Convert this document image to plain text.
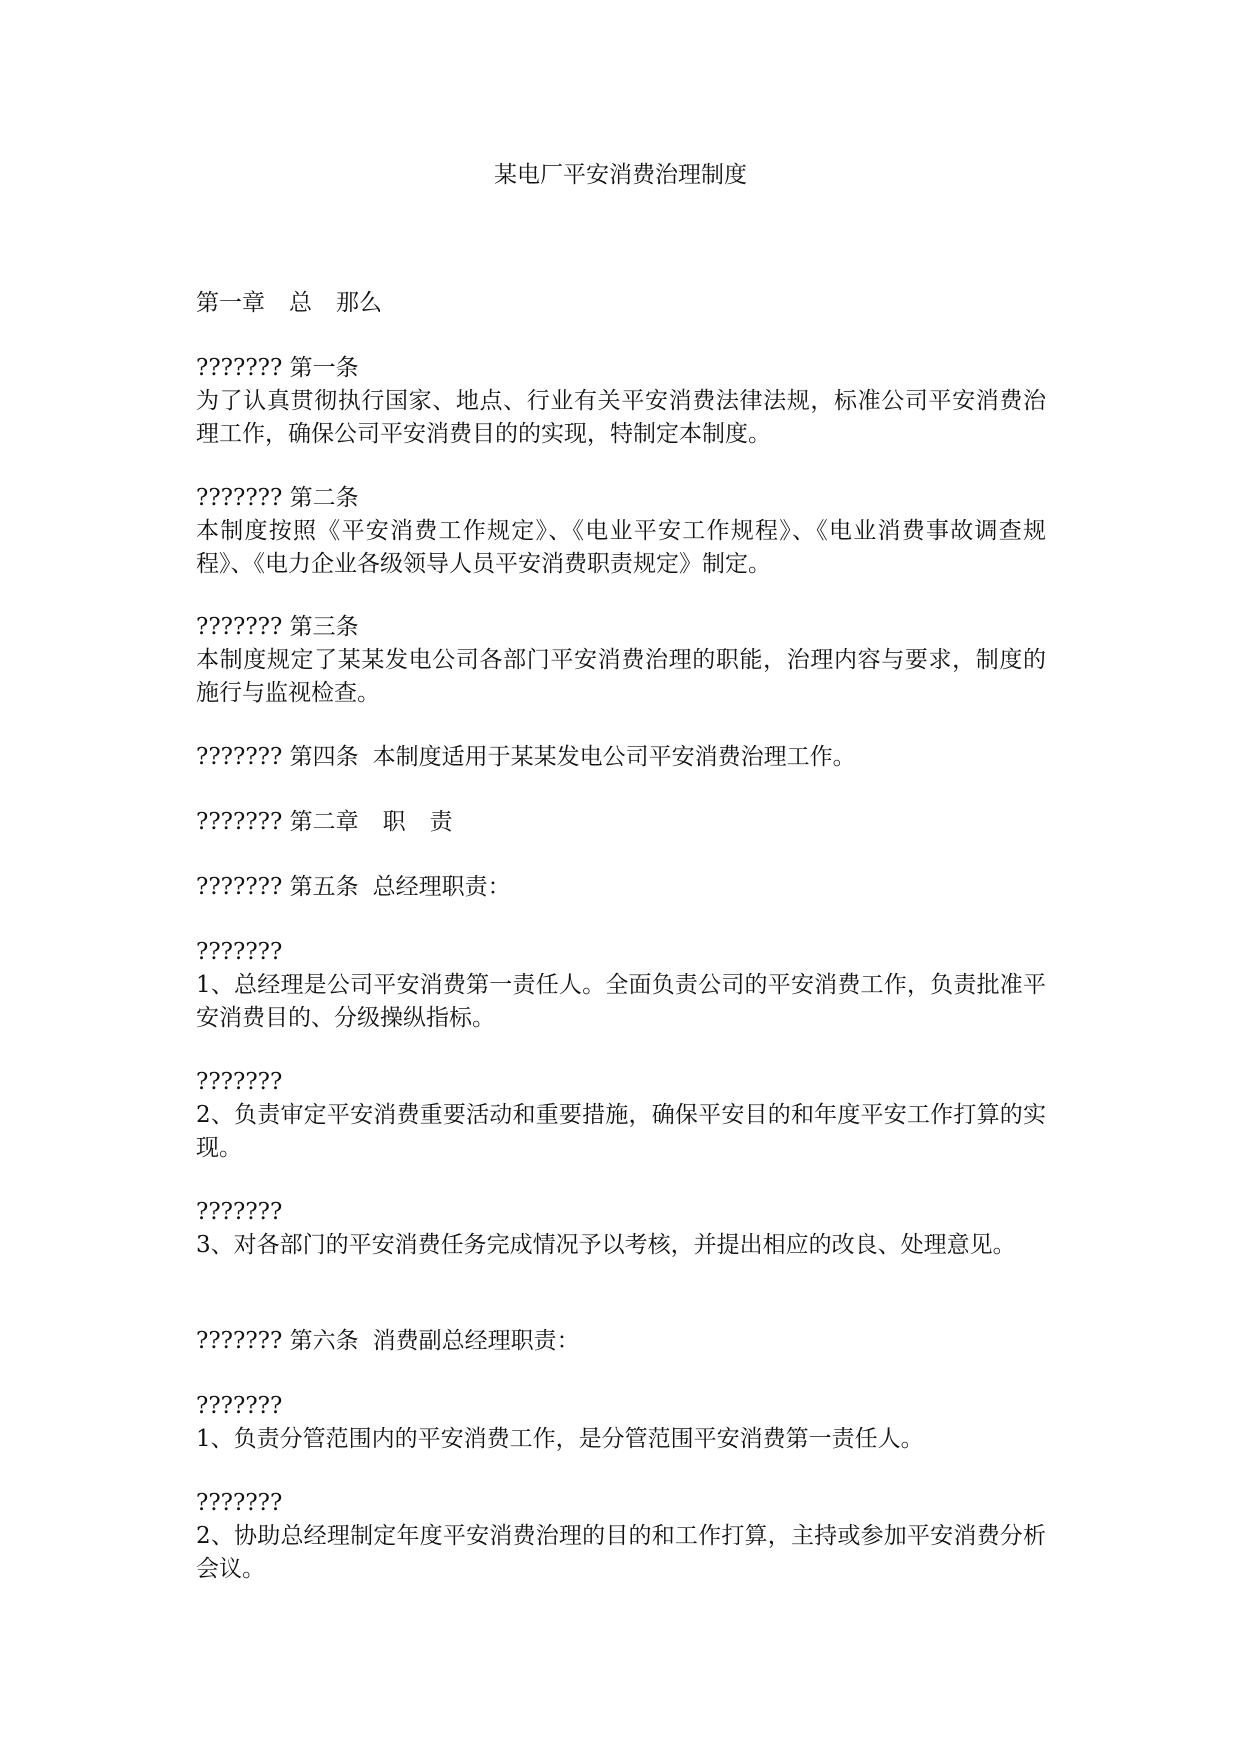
某电厂平安消费治理制度

第一章 总 那么

??????? 第一条
为了认真贯彻执行国家、地点、行业有关平安消费法律法规，标准公司平安消费治理工作，确保公司平安消费目的的实现，特制定本制度。
??????? 第二条
本制度按照《平安消费工作规定》、《电业平安工作规程》、《电业消费事故调查规程》、《电力企业各级领导人员平安消费职责规定》制定。
??????? 第三条
本制度规定了某某发电公司各部门平安消费治理的职能，治理内容与要求，制度的施行与监视检查。

??????? 第四条 本制度适用于某某发电公司平安消费治理工作。

??????? 第二章 职 责

??????? 第五条 总经理职责：

???????
1、总经理是公司平安消费第一责任人。全面负责公司的平安消费工作，负责批准平安消费目的、分级操纵指标。
???????
2、负责审定平安消费重要活动和重要措施，确保平安目的和年度平安工作打算的实现。
???????
3、对各部门的平安消费任务完成情况予以考核，并提出相应的改良、处理意见。

??????? 第六条 消费副总经理职责：

???????
1、负责分管范围内的平安消费工作，是分管范围平安消费第一责任人。
???????
2、协助总经理制定年度平安消费治理的目的和工作打算，主持或参加平安消费分析会议。
